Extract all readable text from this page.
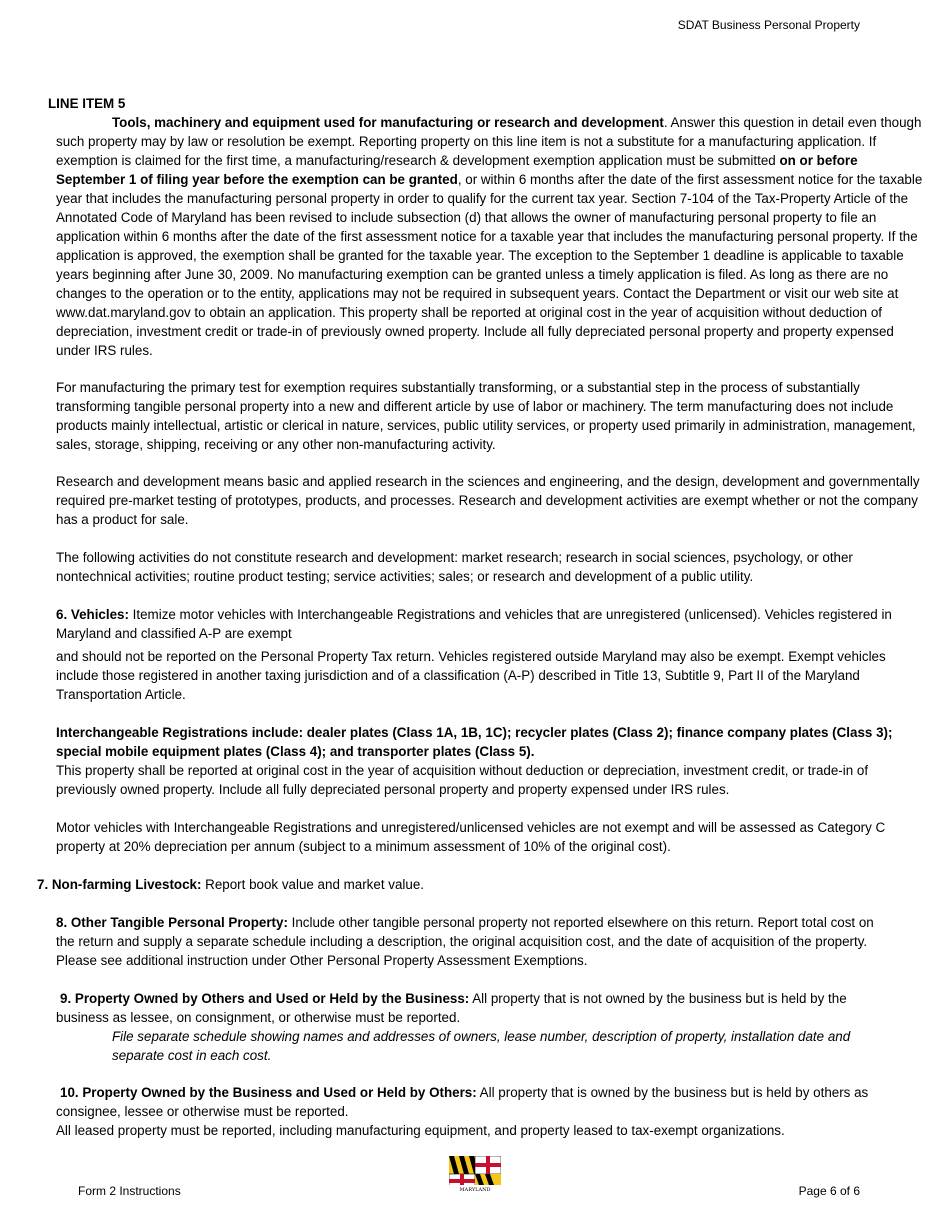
SDAT Business Personal Property
LINE ITEM 5

Tools, machinery and equipment used for manufacturing or research and development. Answer this question in detail even though such property may by law or resolution be exempt. Reporting property on this line item is not a substitute for a manufacturing application. If exemption is claimed for the first time, a manufacturing/research & development exemption application must be submitted on or before September 1 of filing year before the exemption can be granted, or within 6 months after the date of the first assessment notice for the taxable year that includes the manufacturing personal property in order to qualify for the current tax year. Section 7-104 of the Tax-Property Article of the Annotated Code of Maryland has been revised to include subsection (d) that allows the owner of manufacturing personal property to file an application within 6 months after the date of the first assessment notice for a taxable year that includes the manufacturing personal property. If the application is approved, the exemption shall be granted for the taxable year. The exception to the September 1 deadline is applicable to taxable years beginning after June 30, 2009. No manufacturing exemption can be granted unless a timely application is filed. As long as there are no changes to the operation or to the entity, applications may not be required in subsequent years. Contact the Department or visit our web site at www.dat.maryland.gov to obtain an application. This property shall be reported at original cost in the year of acquisition without deduction of depreciation, investment credit or trade-in of previously owned property. Include all fully depreciated personal property and property expensed under IRS rules.

For manufacturing the primary test for exemption requires substantially transforming, or a substantial step in the process of substantially transforming tangible personal property into a new and different article by use of labor or machinery. The term manufacturing does not include products mainly intellectual, artistic or clerical in nature, services, public utility services, or property used primarily in administration, management, sales, storage, shipping, receiving or any other non-manufacturing activity.

Research and development means basic and applied research in the sciences and engineering, and the design, development and governmentally required pre-market testing of prototypes, products, and processes. Research and development activities are exempt whether or not the company has a product for sale.

The following activities do not constitute research and development: market research; research in social sciences, psychology, or other nontechnical activities; routine product testing; service activities; sales; or research and development of a public utility.

6. Vehicles: Itemize motor vehicles with Interchangeable Registrations and vehicles that are unregistered (unlicensed). Vehicles registered in Maryland and classified A-P are exempt

and should not be reported on the Personal Property Tax return. Vehicles registered outside Maryland may also be exempt. Exempt vehicles include those registered in another taxing jurisdiction and of a classification (A-P) described in Title 13, Subtitle 9, Part II of the Maryland Transportation Article.

Interchangeable Registrations include: dealer plates (Class 1A, 1B, 1C); recycler plates (Class 2); finance company plates (Class 3); special mobile equipment plates (Class 4); and transporter plates (Class 5).

This property shall be reported at original cost in the year of acquisition without deduction or depreciation, investment credit, or trade-in of previously owned property. Include all fully depreciated personal property and property expensed under IRS rules.

Motor vehicles with Interchangeable Registrations and unregistered/unlicensed vehicles are not exempt and will be assessed as Category C property at 20% depreciation per annum (subject to a minimum assessment of 10% of the original cost).

7. Non-farming Livestock: Report book value and market value.

8. Other Tangible Personal Property: Include other tangible personal property not reported elsewhere on this return. Report total cost on the return and supply a separate schedule including a description, the original acquisition cost, and the date of acquisition of the property. Please see additional instruction under Other Personal Property Assessment Exemptions.

9. Property Owned by Others and Used or Held by the Business: All property that is not owned by the business but is held by the business as lessee, on consignment, or otherwise must be reported.

File separate schedule showing names and addresses of owners, lease number, description of property, installation date and separate cost in each cost.

10. Property Owned by the Business and Used or Held by Others: All property that is owned by the business but is held by others as consignee, lessee or otherwise must be reported.

All leased property must be reported, including manufacturing equipment, and property leased to tax-exempt organizations.

Form 2 Instructions	Page 6 of 6
MARYLAND
